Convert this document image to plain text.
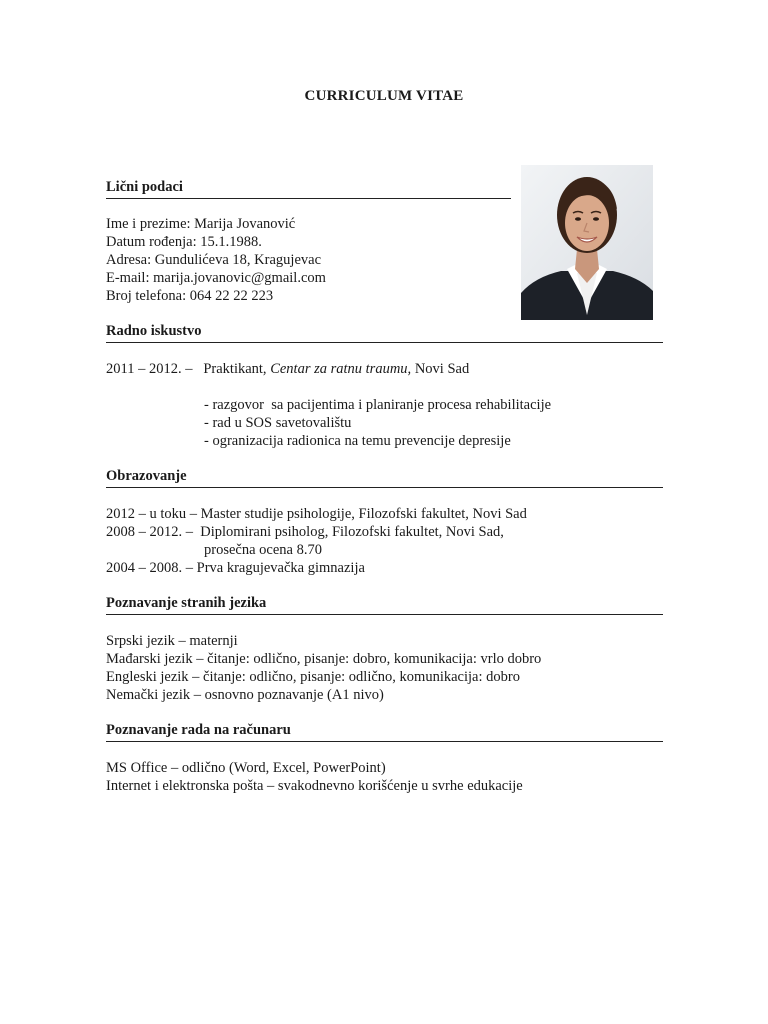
CURRICULUM VITAE
Lični podaci
Ime i prezime: Marija Jovanović
Datum rođenja: 15.1.1988.
Adresa: Gundulićeva 18, Kragujevac
E-mail: marija.jovanovic@gmail.com
Broj telefona: 064 22 22 223
Radno iskustvo
2011 – 2012. –   Praktikant, Centar za ratnu traumu, Novi Sad
- razgovor  sa pacijentima i planiranje procesa rehabilitacije
- rad u SOS savetovalištu
- ogranizacija radionica na temu prevencije depresije
Obrazovanje
2012 – u toku – Master studije psihologije, Filozofski fakultet, Novi Sad
2008 – 2012. –  Diplomirani psiholog, Filozofski fakultet, Novi Sad,
prosečna ocena 8.70
2004 – 2008. – Prva kragujevačka gimnazija
Poznavanje stranih jezika
Srpski jezik – maternji
Mađarski jezik – čitanje: odlično, pisanje: dobro, komunikacija: vrlo dobro
Engleski jezik – čitanje: odlično, pisanje: odlično, komunikacija: dobro
Nemački jezik – osnovno poznavanje (A1 nivo)
Poznavanje rada na računaru
MS Office – odlično (Word, Excel, PowerPoint)
Internet i elektronska pošta – svakodnevno korišćenje u svrhe edukacije
